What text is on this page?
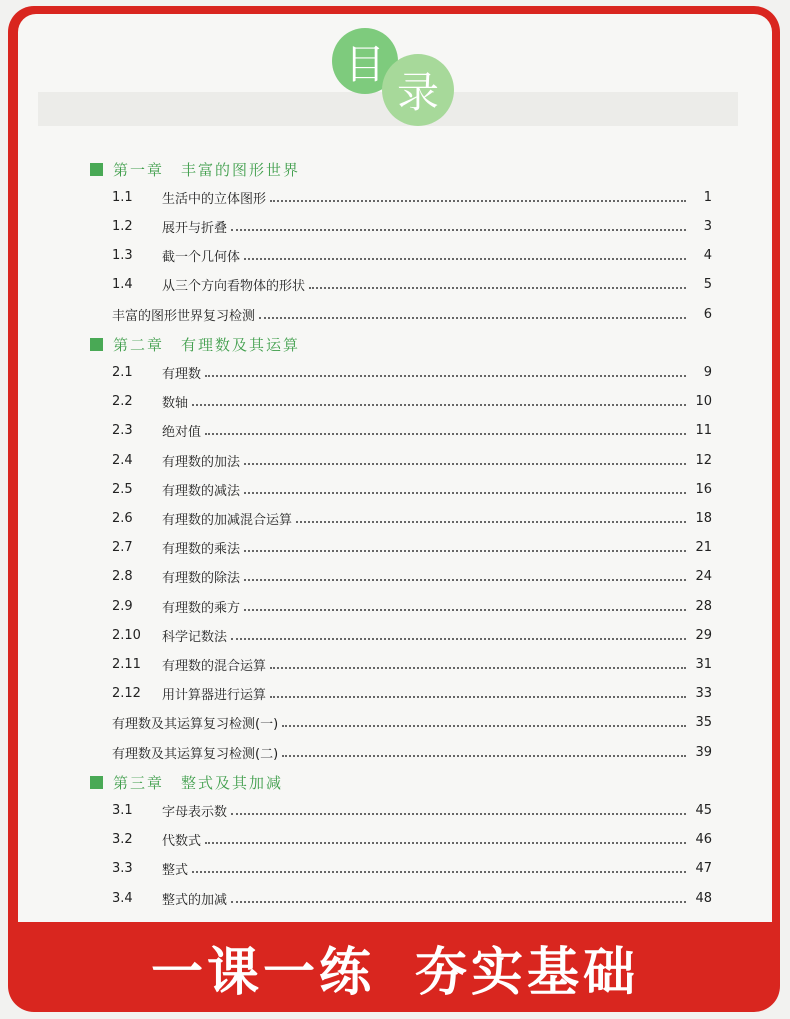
目
录
第一章　丰富的图形世界
1.1	生活中的立体图形	1
1.2	展开与折叠	3
1.3	截一个几何体	4
1.4	从三个方向看物体的形状	5
丰富的图形世界复习检测	6
第二章　有理数及其运算
2.1	有理数	9
2.2	数轴	10
2.3	绝对值	11
2.4	有理数的加法	12
2.5	有理数的减法	16
2.6	有理数的加减混合运算	18
2.7	有理数的乘法	21
2.8	有理数的除法	24
2.9	有理数的乘方	28
2.10	科学记数法	29
2.11	有理数的混合运算	31
2.12	用计算器进行运算	33
有理数及其运算复习检测(一)	35
有理数及其运算复习检测(二)	39
第三章　整式及其加减
3.1	字母表示数	45
3.2	代数式	46
3.3	整式	47
3.4	整式的加减	48
一课一练 夯实基础
